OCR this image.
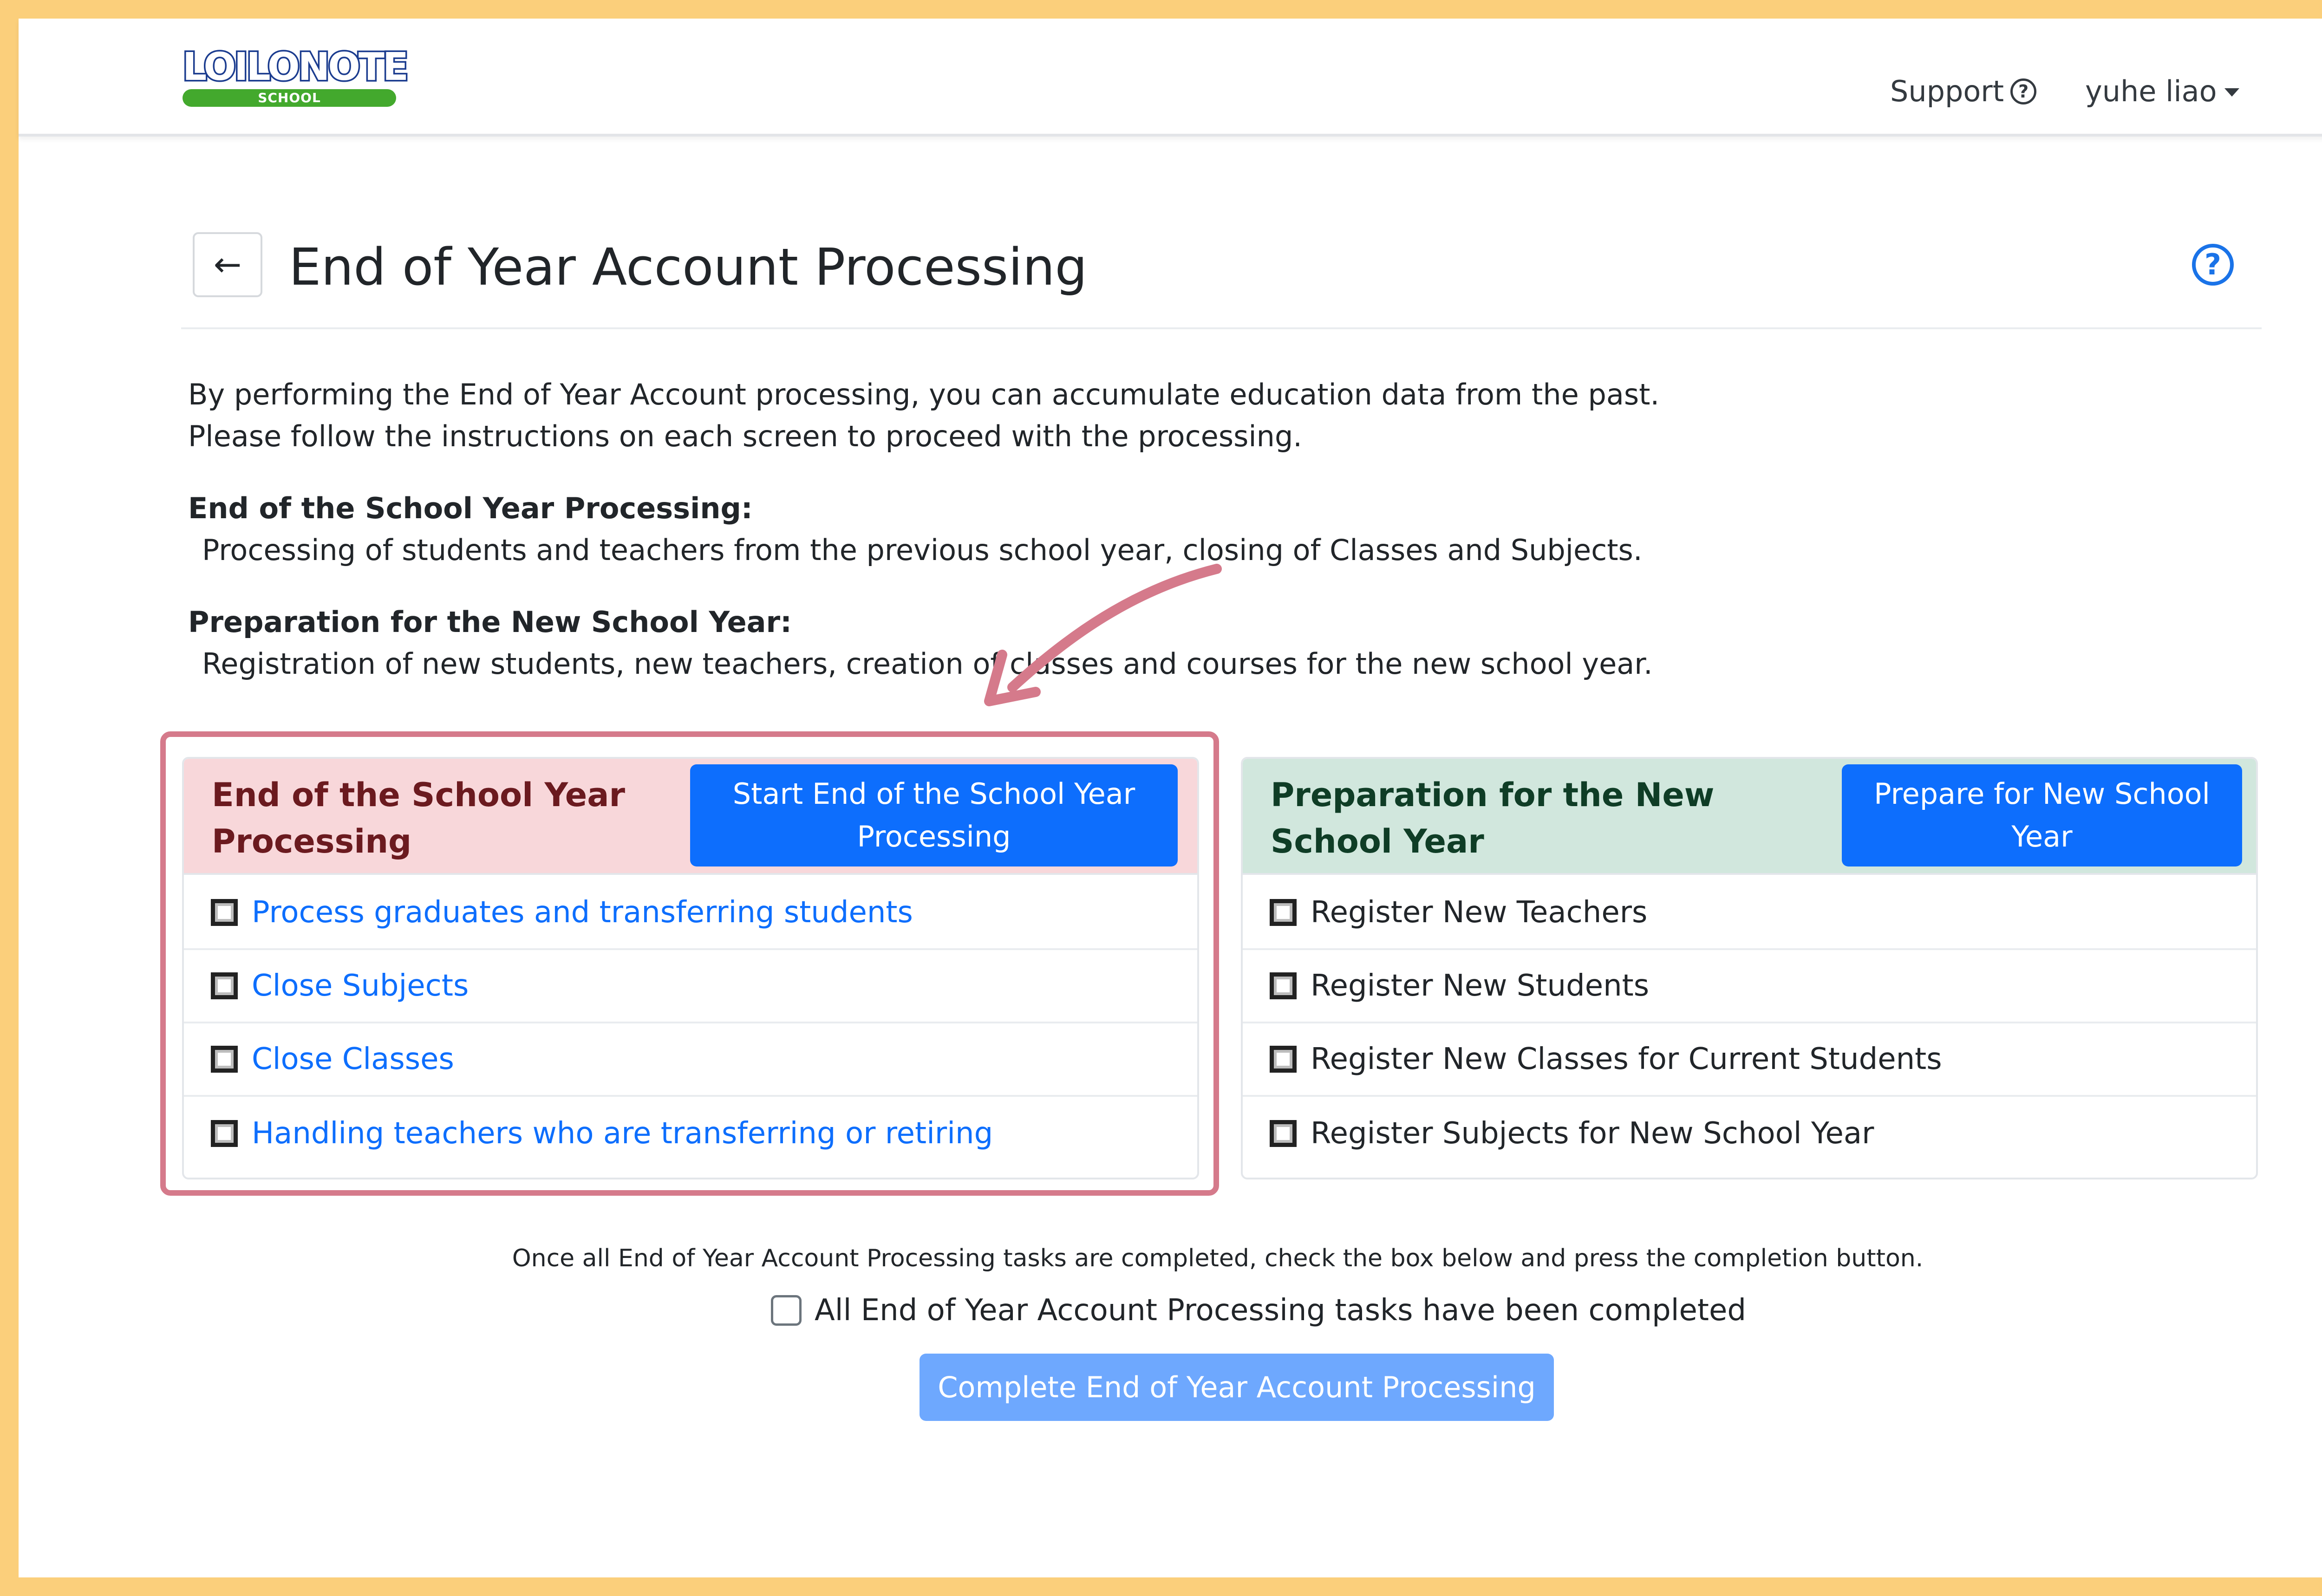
LOILONOTE
SCHOOL	Support ? yuhe liao
← End of Year Account Processing	?
By performing the End of Year Account processing, you can accumulate education data from the past.
Please follow the instructions on each screen to proceed with the processing.
End of the School Year Processing:
Processing of students and teachers from the previous school year, closing of Classes and Subjects.
Preparation for the New School Year:
Registration of new students, new teachers, creation of classes and courses for the new school year.
End of the School Year Processing
Start End of the School Year Processing
Process graduates and transferring students
Close Subjects
Close Classes
Handling teachers who are transferring or retiring
Preparation for the New School Year
Prepare for New School Year
Register New Teachers
Register New Students
Register New Classes for Current Students
Register Subjects for New School Year
Once all End of Year Account Processing tasks are completed, check the box below and press the completion button.
All End of Year Account Processing tasks have been completed
Complete End of Year Account Processing
